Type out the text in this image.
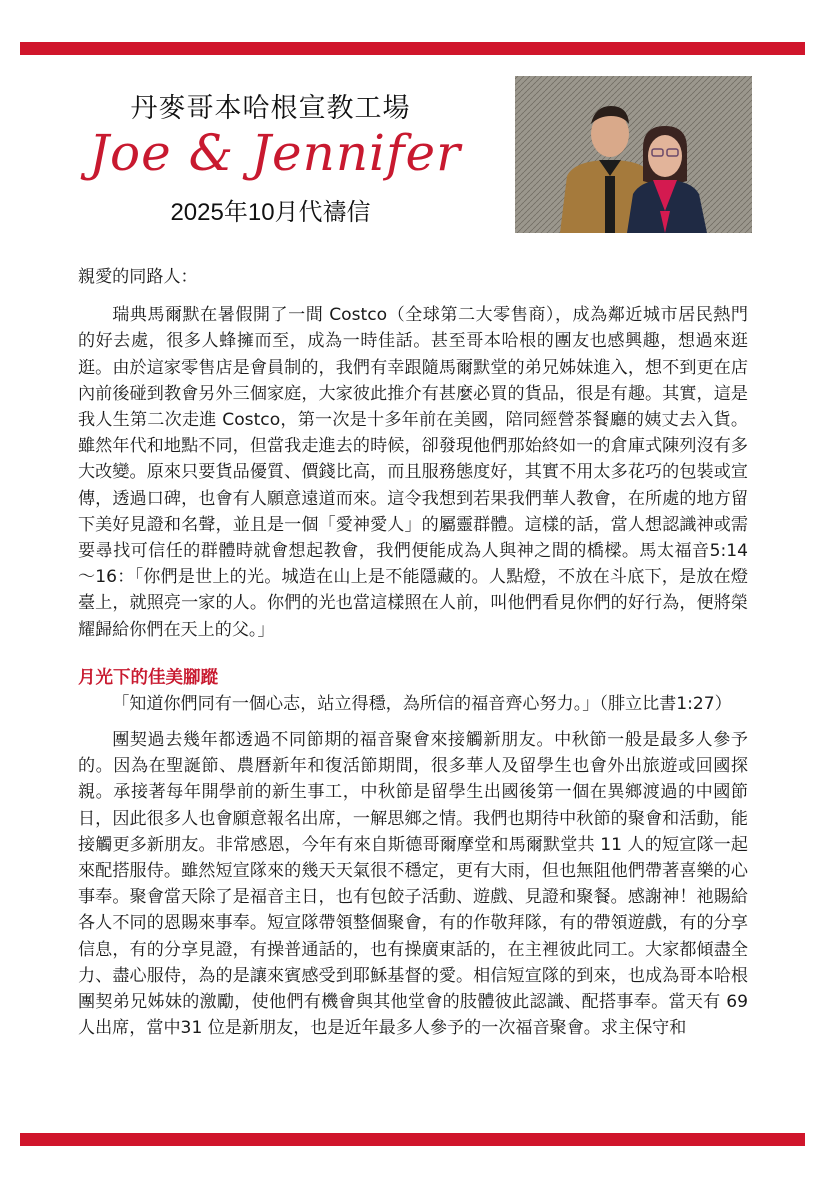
丹麥哥本哈根宣教工場
Joe & Jennifer
2025年10月代禱信

親愛的同路人：

瑞典馬爾默在暑假開了一間 Costco（全球第二大零售商），成為鄰近城市居民熱門的好去處，很多人蜂擁而至，成為一時佳話。甚至哥本哈根的團友也感興趣，想過來逛逛。由於這家零售店是會員制的，我們有幸跟隨馬爾默堂的弟兄姊妹進入，想不到更在店內前後碰到教會另外三個家庭，大家彼此推介有甚麼必買的貨品，很是有趣。其實，這是我人生第二次走進 Costco，第一次是十多年前在美國，陪同經營茶餐廳的姨丈去入貨。雖然年代和地點不同，但當我走進去的時候，卻發現他們那始終如一的倉庫式陳列沒有多大改變。原來只要貨品優質、價錢比高，而且服務態度好，其實不用太多花巧的包裝或宣傳，透過口碑，也會有人願意遠道而來。這令我想到若果我們華人教會，在所處的地方留下美好見證和名聲，並且是一個「愛神愛人」的屬靈群體。這樣的話，當人想認識神或需要尋找可信任的群體時就會想起教會，我們便能成為人與神之間的橋樑。馬太福音5:14～16：「你們是世上的光。城造在山上是不能隱藏的。人點燈，不放在斗底下，是放在燈臺上，就照亮一家的人。你們的光也當這樣照在人前，叫他們看見你們的好行為，便將榮耀歸給你們在天上的父。」

月光下的佳美腳蹤

「知道你們同有一個心志，站立得穩，為所信的福音齊心努力。」（腓立比書1:27）

團契過去幾年都透過不同節期的福音聚會來接觸新朋友。中秋節一般是最多人參予的。因為在聖誕節、農曆新年和復活節期間，很多華人及留學生也會外出旅遊或回國探親。承接著每年開學前的新生事工，中秋節是留學生出國後第一個在異鄉渡過的中國節日，因此很多人也會願意報名出席，一解思鄉之情。我們也期待中秋節的聚會和活動，能接觸更多新朋友。非常感恩，今年有來自斯德哥爾摩堂和馬爾默堂共 11 人的短宣隊一起來配搭服侍。雖然短宣隊來的幾天天氣很不穩定，更有大雨，但也無阻他們帶著喜樂的心事奉。聚會當天除了是福音主日，也有包餃子活動、遊戲、見證和聚餐。感謝神！祂賜給各人不同的恩賜來事奉。短宣隊帶領整個聚會，有的作敬拜隊，有的帶領遊戲，有的分享信息，有的分享見證，有操普通話的，也有操廣東話的，在主裡彼此同工。大家都傾盡全力、盡心服侍，為的是讓來賓感受到耶穌基督的愛。相信短宣隊的到來，也成為哥本哈根團契弟兄姊妹的激勵，使他們有機會與其他堂會的肢體彼此認識、配搭事奉。當天有 69 人出席，當中31 位是新朋友，也是近年最多人參予的一次福音聚會。求主保守和
